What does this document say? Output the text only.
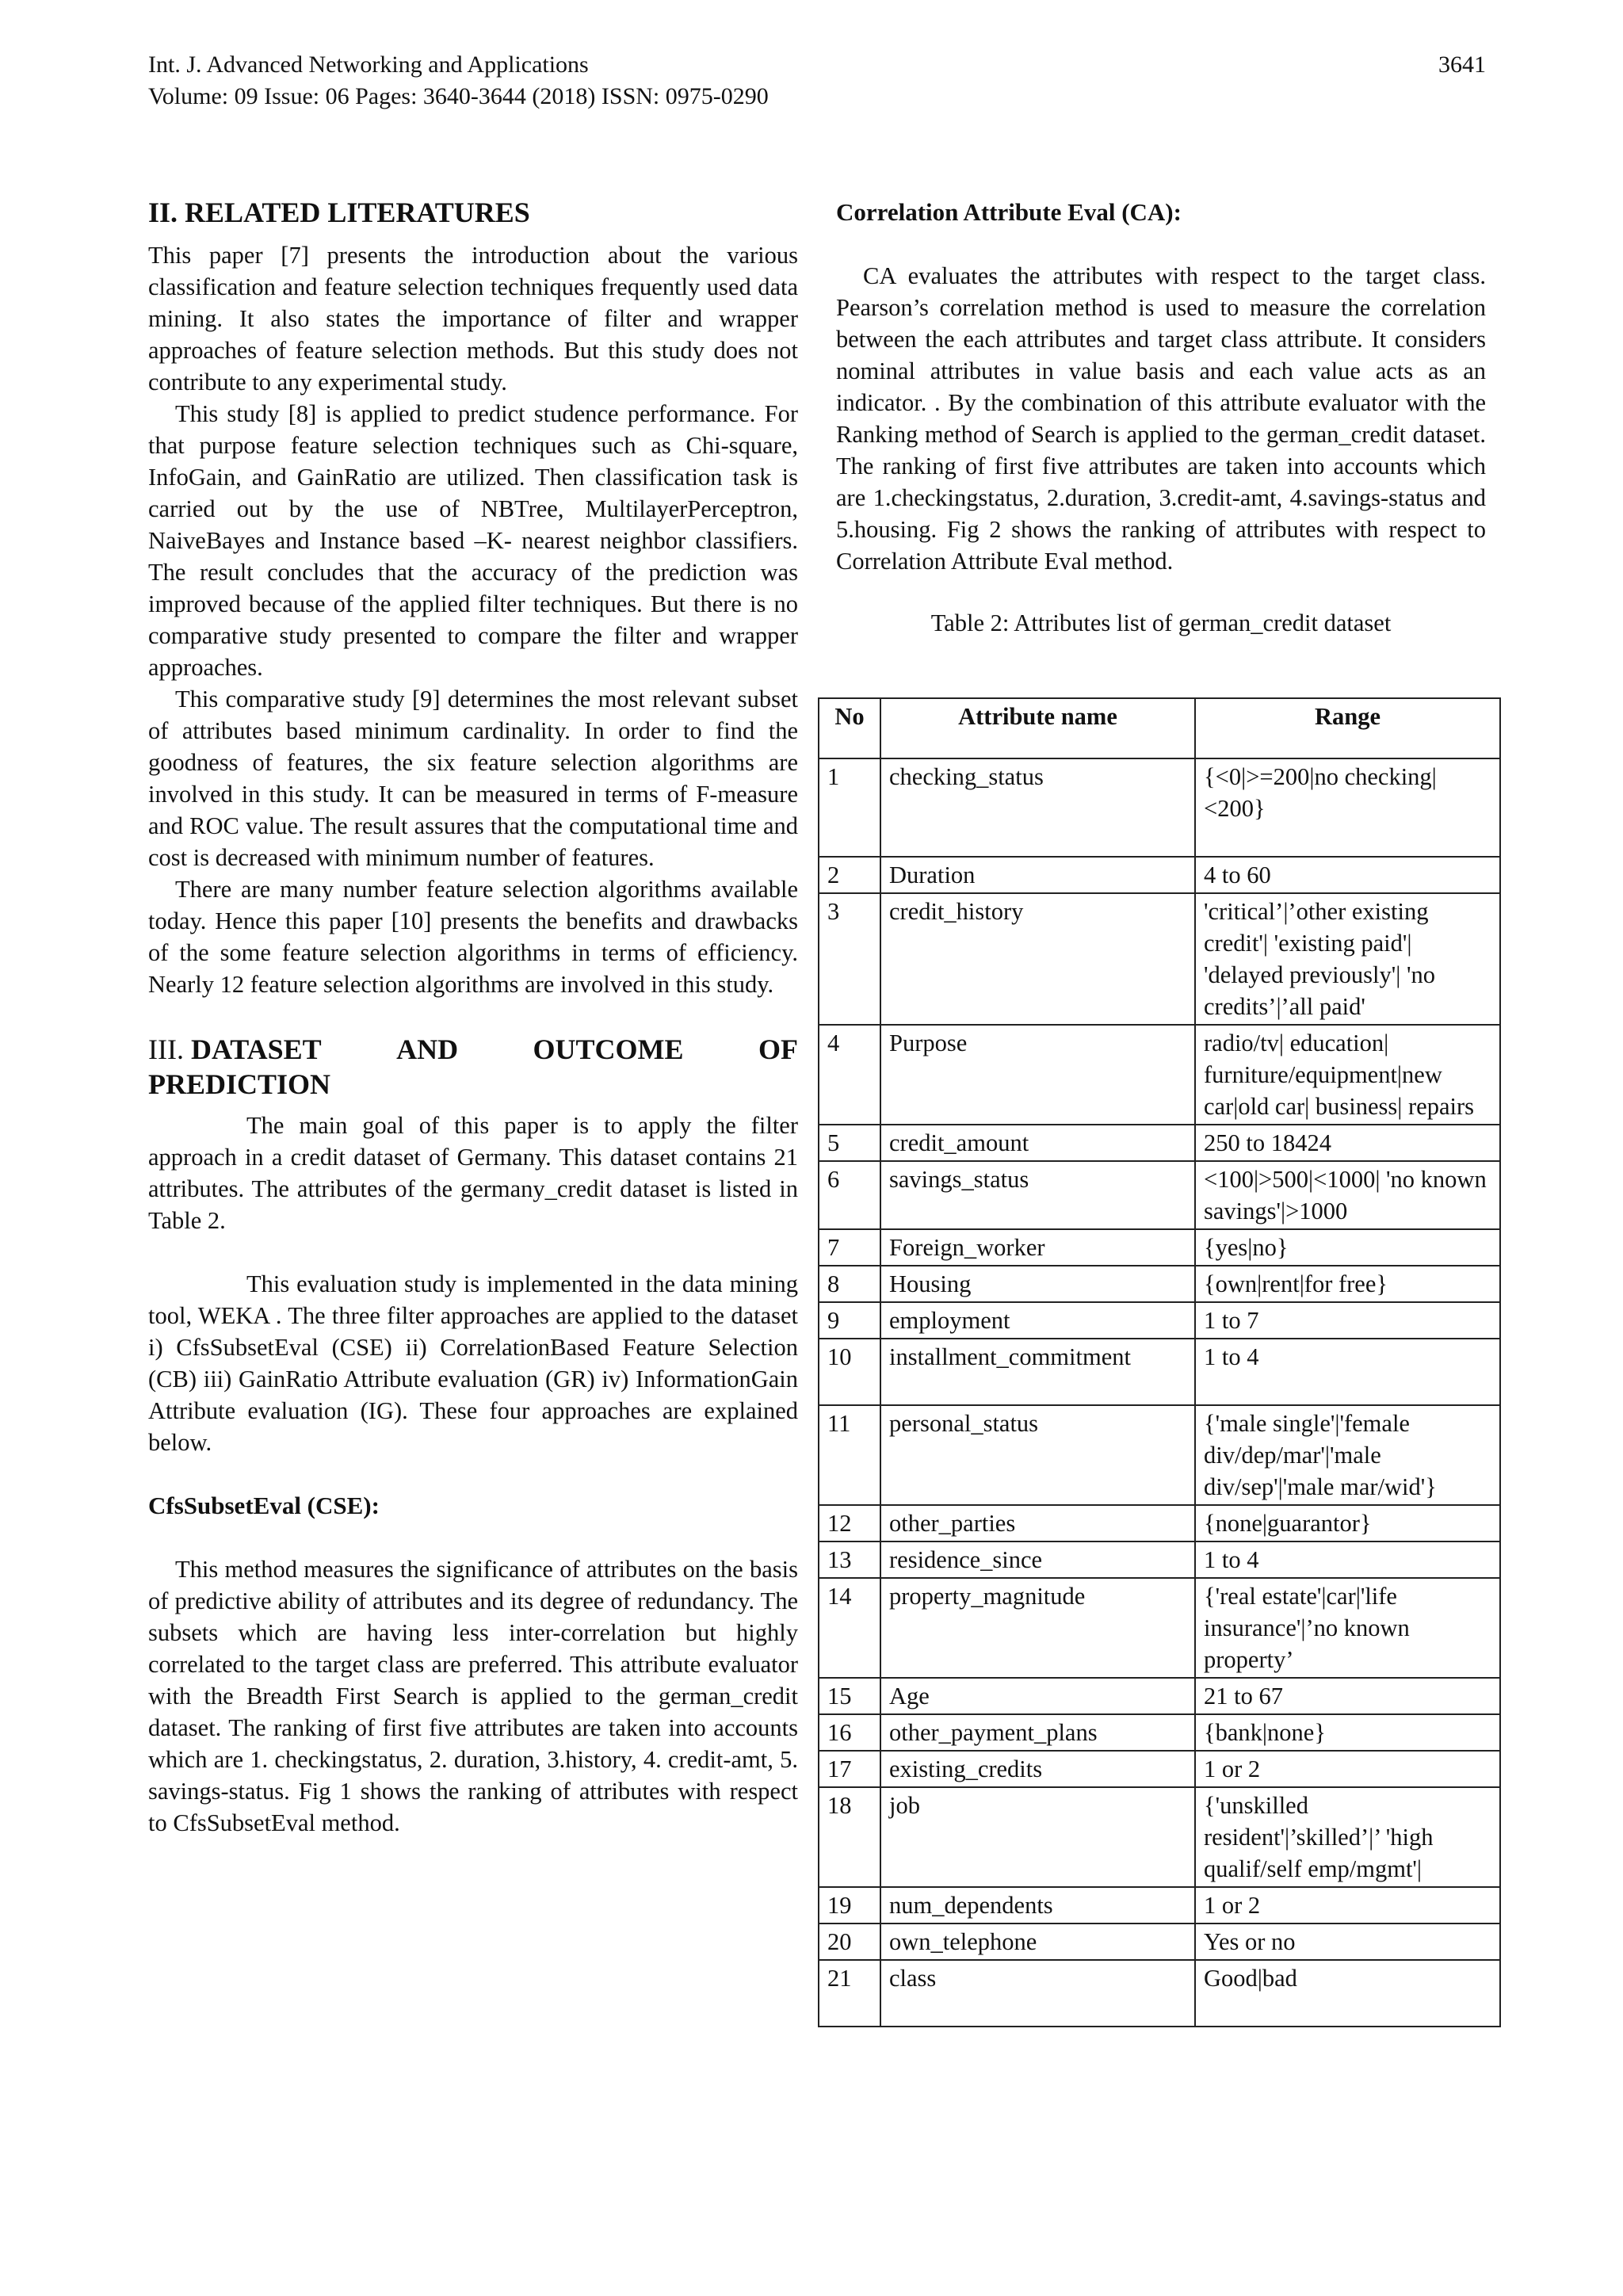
Int. J. Advanced Networking and Applications
Volume: 09 Issue: 06 Pages: 3640-3644 (2018) ISSN: 0975-0290
3641
II. RELATED LITERATURES

This paper [7] presents the introduction about the various classification and feature selection techniques frequently used data mining. It also states the importance of filter and wrapper approaches of feature selection methods. But this study does not contribute to any experimental study.

This study [8] is applied to predict studence performance. For that purpose feature selection techniques such as Chi-square, InfoGain, and GainRatio are utilized. Then classification task is carried out by the use of NBTree, MultilayerPerceptron, NaiveBayes and Instance based –K- nearest neighbor classifiers. The result concludes that the accuracy of the prediction was improved because of the applied filter techniques. But there is no comparative study presented to compare the filter and wrapper approaches.

This comparative study [9] determines the most relevant subset of attributes based minimum cardinality. In order to find the goodness of features, the six feature selection algorithms are involved in this study. It can be measured in terms of F-measure and ROC value. The result assures that the computational time and cost is decreased with minimum number of features.

There are many number feature selection algorithms available today. Hence this paper [10] presents the benefits and drawbacks of the some feature selection algorithms in terms of efficiency. Nearly 12 feature selection algorithms are involved in this study.

III. DATASET	AND	OUTCOME	OF
PREDICTION

The main goal of this paper is to apply the filter approach in a credit dataset of Germany. This dataset contains 21 attributes. The attributes of the germany_credit dataset is listed in Table 2.

This evaluation study is implemented in the data mining tool, WEKA . The three filter approaches are applied to the dataset i) CfsSubsetEval (CSE) ii) CorrelationBased Feature Selection (CB) iii) GainRatio Attribute evaluation (GR) iv) InformationGain Attribute evaluation (IG). These four approaches are explained below.

CfsSubsetEval (CSE):

This method measures the significance of attributes on the basis of predictive ability of attributes and its degree of redundancy. The subsets which are having less inter-correlation but highly correlated to the target class are preferred. This attribute evaluator with the Breadth First Search is applied to the german_credit dataset. The ranking of first five attributes are taken into accounts which are 1. checkingstatus, 2. duration, 3.history, 4. credit-amt, 5. savings-status. Fig 1 shows the ranking of attributes with respect to CfsSubsetEval method.

Correlation Attribute Eval (CA):

CA evaluates the attributes with respect to the target class. Pearson’s correlation method is used to measure the correlation between the each attributes and target class attribute. It considers nominal attributes in value basis and each value acts as an indicator. . By the combination of this attribute evaluator with the Ranking method of Search is applied to the german_credit dataset. The ranking of first five attributes are taken into accounts which are 1.checkingstatus, 2.duration, 3.credit-amt, 4.savings-status and 5.housing. Fig 2 shows the ranking of attributes with respect to Correlation Attribute Eval method.

Table 2: Attributes list of german_credit dataset
No	Attribute name	Range
1	checking_status	{<0|>=200|no checking|<200}
2	Duration	4 to 60
3	credit_history	'critical’|’other existing credit'| 'existing paid'| 'delayed previously'| 'no credits’|’all paid'
4	Purpose	radio/tv| education| furniture/equipment|new car|old car| business| repairs
5	credit_amount	250 to 18424
6	savings_status	<100|>500|<1000| 'no known savings'|>1000
7	Foreign_worker	{yes|no}
8	Housing	{own|rent|for free}
9	employment	1 to 7
10	installment_commitment	1 to 4
11	personal_status	{'male single'|'female div/dep/mar'|'male div/sep'|'male mar/wid'}
12	other_parties	{none|guarantor}
13	residence_since	1 to 4
14	property_magnitude	{'real estate'|car|'life insurance'|’no known property’
15	Age	21 to 67
16	other_payment_plans	{bank|none}
17	existing_credits	1 or 2
18	job	{'unskilled resident'|’skilled’|’ 'high qualif/self emp/mgmt'|
19	num_dependents	1 or 2
20	own_telephone	Yes or no
21	class	Good|bad
